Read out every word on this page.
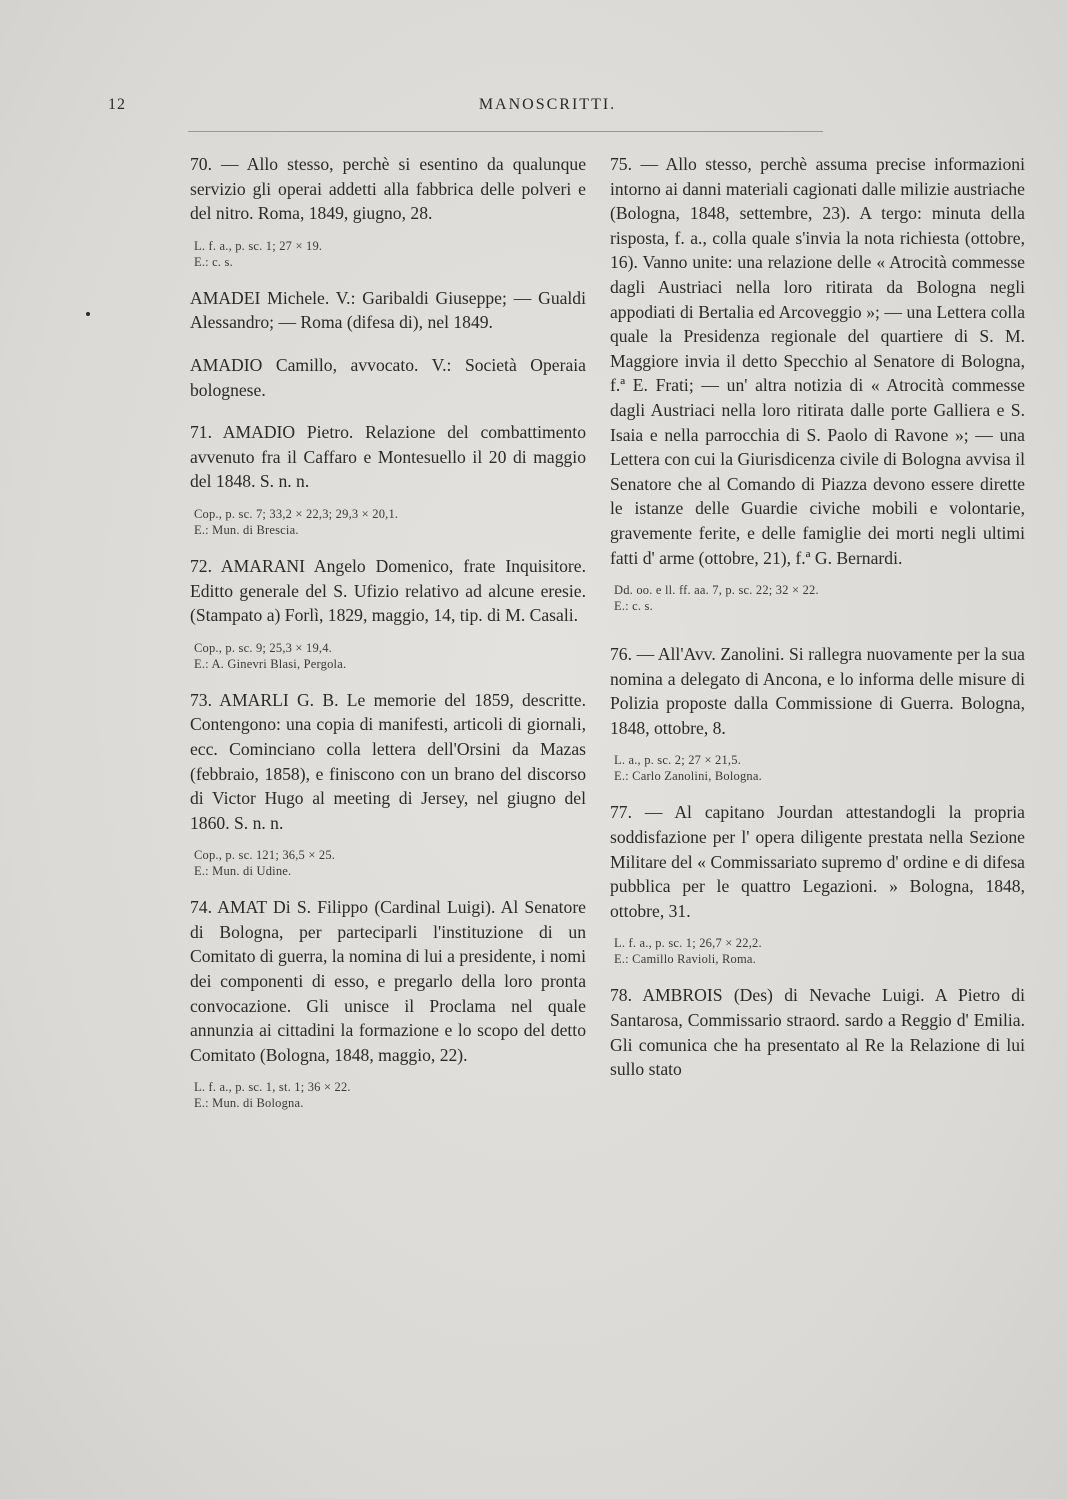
12	MANOSCRITTI.

70. — Allo stesso, perchè si esentino da qualunque servizio gli operai addetti alla fabbrica delle polveri e del nitro. Roma, 1849, giugno, 28.

L. f. a., p. sc. 1; 27 × 19.
E.: c. s.

AMADEI Michele. V.: Garibaldi Giuseppe; — Gualdi Alessandro; — Roma (difesa di), nel 1849.

AMADIO Camillo, avvocato. V.: Società Operaia bolognese.

71. AMADIO Pietro. Relazione del combattimento avvenuto fra il Caffaro e Montesuello il 20 di maggio del 1848. S. n. n.

Cop., p. sc. 7; 33,2 × 22,3; 29,3 × 20,1.
E.: Mun. di Brescia.

72. AMARANI Angelo Domenico, frate Inquisitore. Editto generale del S. Ufizio relativo ad alcune eresie. (Stampato a) Forlì, 1829, maggio, 14, tip. di M. Casali.

Cop., p. sc. 9; 25,3 × 19,4.
E.: A. Ginevri Blasi, Pergola.

73. AMARLI G. B. Le memorie del 1859, descritte. Contengono: una copia di manifesti, articoli di giornali, ecc. Cominciano colla lettera dell'Orsini da Mazas (febbraio, 1858), e finiscono con un brano del discorso di Victor Hugo al meeting di Jersey, nel giugno del 1860. S. n. n.

Cop., p. sc. 121; 36,5 × 25.
E.: Mun. di Udine.

74. AMAT Di S. Filippo (Cardinal Luigi). Al Senatore di Bologna, per parteciparli l'instituzione di un Comitato di guerra, la nomina di lui a presidente, i nomi dei componenti di esso, e pregarlo della loro pronta convocazione. Gli unisce il Proclama nel quale annunzia ai cittadini la formazione e lo scopo del detto Comitato (Bologna, 1848, maggio, 22).

L. f. a., p. sc. 1, st. 1; 36 × 22.
E.: Mun. di Bologna.

75. — Allo stesso, perchè assuma precise informazioni intorno ai danni materiali cagionati dalle milizie austriache (Bologna, 1848, settembre, 23). A tergo: minuta della risposta, f. a., colla quale s'invia la nota richiesta (ottobre, 16). Vanno unite: una relazione delle « Atrocità commesse dagli Austriaci nella loro ritirata da Bologna negli appodiati di Bertalia ed Arcoveggio »; — una Lettera colla quale la Presidenza regionale del quartiere di S. M. Maggiore invia il detto Specchio al Senatore di Bologna, f.ª E. Frati; — un' altra notizia di « Atrocità commesse dagli Austriaci nella loro ritirata dalle porte Galliera e S. Isaia e nella parrocchia di S. Paolo di Ravone »; — una Lettera con cui la Giurisdicenza civile di Bologna avvisa il Senatore che al Comando di Piazza devono essere dirette le istanze delle Guardie civiche mobili e volontarie, gravemente ferite, e delle famiglie dei morti negli ultimi fatti d' arme (ottobre, 21), f.ª G. Bernardi.

Dd. oo. e ll. ff. aa. 7, p. sc. 22; 32 × 22.
E.: c. s.

76. — All'Avv. Zanolini. Si rallegra nuovamente per la sua nomina a delegato di Ancona, e lo informa delle misure di Polizia proposte dalla Commissione di Guerra. Bologna, 1848, ottobre, 8.

L. a., p. sc. 2; 27 × 21,5.
E.: Carlo Zanolini, Bologna.

77. — Al capitano Jourdan attestandogli la propria soddisfazione per l' opera diligente prestata nella Sezione Militare del « Commissariato supremo d' ordine e di difesa pubblica per le quattro Legazioni. » Bologna, 1848, ottobre, 31.

L. f. a., p. sc. 1; 26,7 × 22,2.
E.: Camillo Ravioli, Roma.

78. AMBROIS (Des) di Nevache Luigi. A Pietro di Santarosa, Commissario straord. sardo a Reggio d' Emilia. Gli comunica che ha presentato al Re la Relazione di lui sullo stato
